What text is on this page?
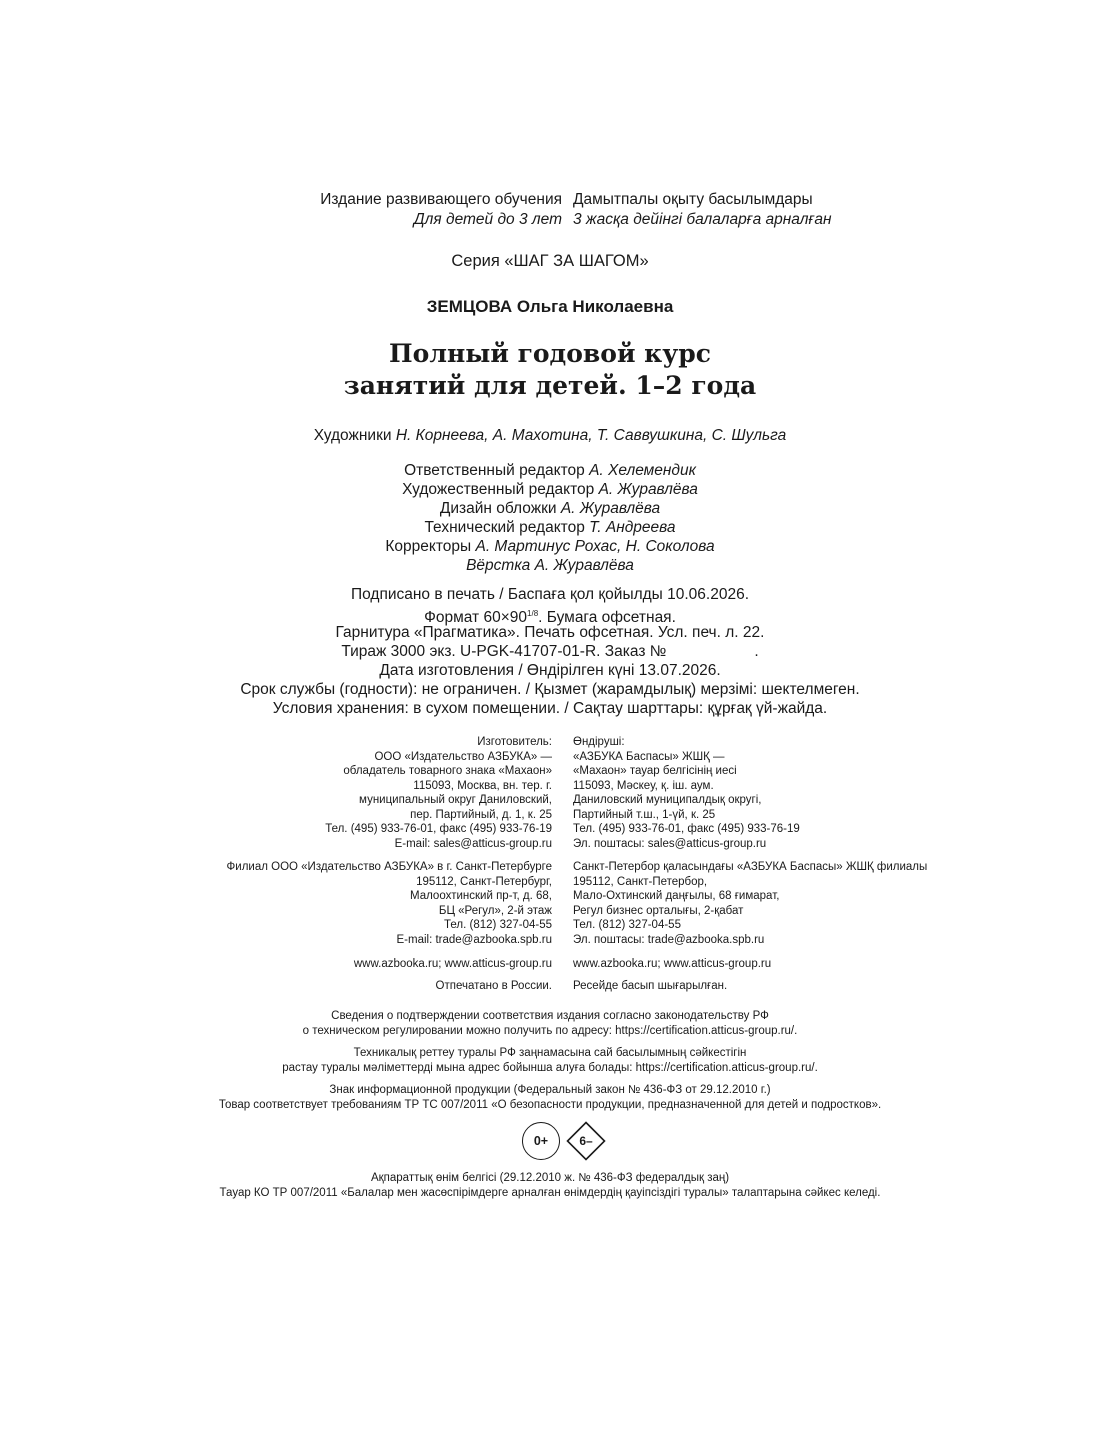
Издание развивающего обучения
Для детей до 3 лет
Дамытпалы оқыту басылымдары
3 жасқа дейінгі балаларға арналған
Серия «ШАГ ЗА ШАГОМ»
ЗЕМЦОВА Ольга Николаевна
Полный годовой курс
занятий для детей. 1–2 года
Художники Н. Корнеева, А. Махотина, Т. Саввушкина, С. Шульга
Ответственный редактор А. Хелемендик
Художественный редактор А. Журавлёва
Дизайн обложки А. Журавлёва
Технический редактор Т. Андреева
Корректоры А. Мартинус Рохас, Н. Соколова
Вёрстка А. Журавлёва
Подписано в печать / Баспаға қол қойылды 10.06.2026.
Формат $60\times 90^{1/8}$. Бумага офсетная.
Гарнитура «Прагматика». Печать офсетная. Усл. печ. л. 22.
Тираж 3000 экз. U-PGK-41707-01-R. Заказ №	.
Дата изготовления / Өндірілген күні 13.07.2026.
Срок службы (годности): не ограничен. / Қызмет (жарамдылық) мерзімі: шектелмеген.
Условия хранения: в сухом помещении. / Сақтау шарттары: құрғақ үй-жайда.
Изготовитель:
ООО «Издательство АЗБУКА» —
обладатель товарного знака «Махаон»
115093, Москва, вн. тер. г.
муниципальный округ Даниловский,
пер. Партийный, д. 1, к. 25
Тел. (495) 933-76-01, факс (495) 933-76-19
E-mail: sales@atticus-group.ru
Өндіруші:
«АЗБУКА Баспасы» ЖШҚ —
«Махаон» тауар белгісінің иесі
115093, Мәскеу, қ. іш. аум.
Даниловский муниципалдық округі,
Партийный т.ш., 1-үй, к. 25
Тел. (495) 933-76-01, факс (495) 933-76-19
Эл. поштасы: sales@atticus-group.ru
Филиал ООО «Издательство АЗБУКА» в г. Санкт-Петербурге
195112, Санкт-Петербург,
Малоохтинский пр-т, д. 68,
БЦ «Регул», 2-й этаж
Тел. (812) 327-04-55
E-mail: trade@azbooka.spb.ru
Санкт-Петербор қаласындағы «АЗБУКА Баспасы» ЖШҚ филиалы
195112, Санкт-Петербор,
Мало-Охтинский даңғылы, 68 ғимарат,
Регул бизнес орталығы, 2-қабат
Тел. (812) 327-04-55
Эл. поштасы: trade@azbooka.spb.ru
www.azbooka.ru; www.atticus-group.ru www.azbooka.ru; www.atticus-group.ru
Отпечатано в России. Ресейде басып шығарылған.
Сведения о подтверждении соответствия издания согласно законодательству РФ
о техническом регулировании можно получить по адресу: https://certification.atticus-group.ru/.
Техникалық реттеу туралы РФ заңнамасына сай басылымның сәйкестігін
растау туралы мәліметтерді мына адрес бойынша алуға болады: https://certification.atticus-group.ru/.
Знак информационной продукции (Федеральный закон № 436-ФЗ от 29.12.2010 г.)
Товар соответствует требованиям ТР ТС 007/2011 «О безопасности продукции, предназначенной для детей и подростков».
0+	6–
Ақпараттық өнім белгісі (29.12.2010 ж. № 436-ФЗ федералдық заң)
Тауар КО ТР 007/2011 «Балалар мен жасөспірімдерге арналған өнімдердің қауіпсіздігі туралы» талаптарына сәйкес келеді.
